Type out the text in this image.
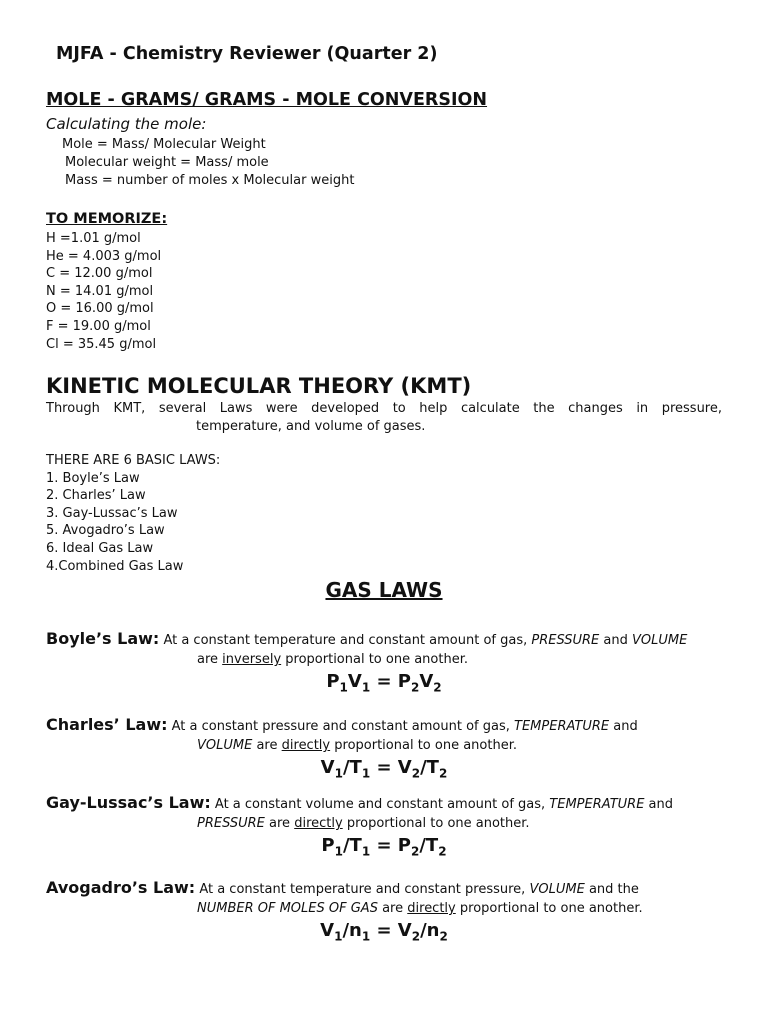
MJFA - Chemistry Reviewer (Quarter 2)
MOLE - GRAMS/ GRAMS - MOLE CONVERSION

Calculating the mole:

Mole = Mass/ Molecular Weight

Molecular weight = Mass/ mole

Mass = number of moles x Molecular weight

TO MEMORIZE:

H =1.01 g/mol

He = 4.003 g/mol

C = 12.00 g/mol

N = 14.01 g/mol

O = 16.00 g/mol

F = 19.00 g/mol

Cl = 35.45 g/mol

KINETIC MOLECULAR THEORY (KMT)
Through KMT, several Laws were developed to help calculate the changes in pressure,
temperature, and volume of gases.

THERE ARE 6 BASIC LAWS:

1. Boyle’s Law

2. Charles’ Law

3. Gay-Lussac’s Law

5. Avogadro’s Law

6. Ideal Gas Law

4.Combined Gas Law

GAS LAWS

Boyle’s Law: At a constant temperature and constant amount of gas, PRESSURE and VOLUME

are inversely proportional to one another.

$P_1V_1 = P_2V_2$

Charles’ Law: At a constant pressure and constant amount of gas, TEMPERATURE and

VOLUME are directly proportional to one another.

$V_1/T_1 = V_2/T_2$

Gay-Lussac’s Law: At a constant volume and constant amount of gas, TEMPERATURE and

PRESSURE are directly proportional to one another.

$P_1/T_1 = P_2/T_2$

Avogadro’s Law: At a constant temperature and constant pressure, VOLUME and the

NUMBER OF MOLES OF GAS are directly proportional to one another.

$V_1/n_1 = V_2/n_2$
